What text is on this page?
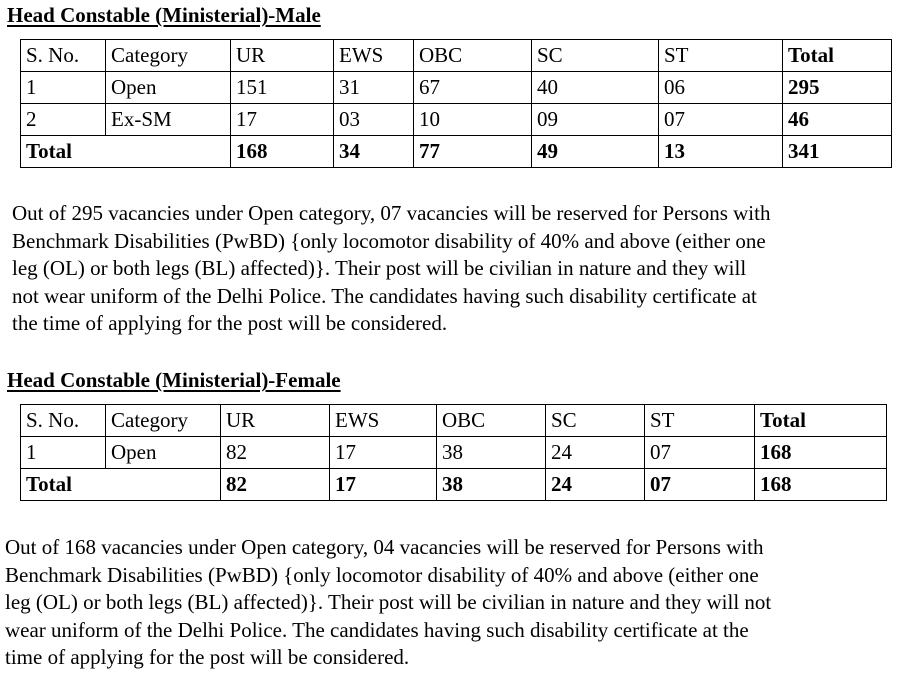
Head Constable (Ministerial)-Male
S. No.	Category	UR	EWS	OBC	SC	ST	Total
1	Open	151	31	67	40	06	295
2	Ex-SM	17	03	10	09	07	46
Total		168	34	77	49	13	341
Out of 295 vacancies under Open category, 07 vacancies will be reserved for Persons with
Benchmark Disabilities (PwBD) {only locomotor disability of 40% and above (either one
leg (OL) or both legs (BL) affected)}. Their post will be civilian in nature and they will
not wear uniform of the Delhi Police. The candidates having such disability certificate at
the time of applying for the post will be considered.
Head Constable (Ministerial)-Female
S. No.	Category	UR	EWS	OBC	SC	ST	Total
1	Open	82	17	38	24	07	168
Total		82	17	38	24	07	168
Out of 168 vacancies under Open category, 04 vacancies will be reserved for Persons with
Benchmark Disabilities (PwBD) {only locomotor disability of 40% and above (either one
leg (OL) or both legs (BL) affected)}. Their post will be civilian in nature and they will not
wear uniform of the Delhi Police. The candidates having such disability certificate at the
time of applying for the post will be considered.
